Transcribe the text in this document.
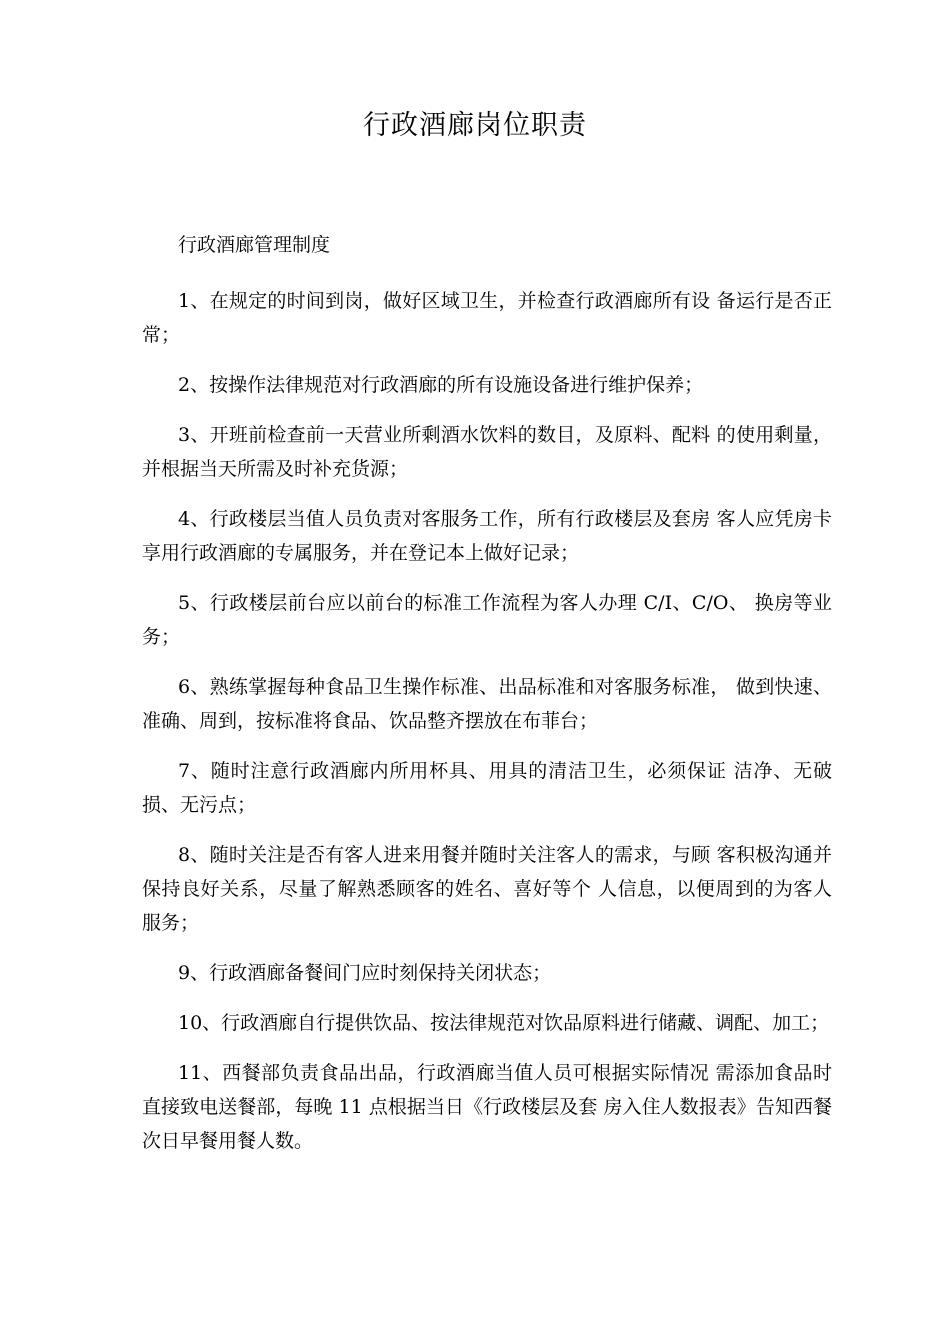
行政酒廊岗位职责

行政酒廊管理制度

1、在规定的时间到岗，做好区域卫生，并检查行政酒廊所有设 备运行是否正常；

2、按操作法律规范对行政酒廊的所有设施设备进行维护保养；

3、开班前检查前一天营业所剩酒水饮料的数目，及原料、配料 的使用剩量，并根据当天所需及时补充货源；

4、行政楼层当值人员负责对客服务工作，所有行政楼层及套房 客人应凭房卡享用行政酒廊的专属服务，并在登记本上做好记录；

5、行政楼层前台应以前台的标准工作流程为客人办理 C/I、C/O、 换房等业务；

6、熟练掌握每种食品卫生操作标准、出品标准和对客服务标准， 做到快速、准确、周到，按标准将食品、饮品整齐摆放在布菲台；

7、随时注意行政酒廊内所用杯具、用具的清洁卫生，必须保证 洁净、无破损、无污点；

8、随时关注是否有客人进来用餐并随时关注客人的需求，与顾 客积极沟通并保持良好关系，尽量了解熟悉顾客的姓名、喜好等个 人信息，以便周到的为客人服务；

9、行政酒廊备餐间门应时刻保持关闭状态；

10、行政酒廊自行提供饮品、按法律规范对饮品原料进行储藏、调配、加工；

11、西餐部负责食品出品，行政酒廊当值人员可根据实际情况 需添加食品时直接致电送餐部，每晚 11 点根据当日《行政楼层及套 房入住人数报表》告知西餐次日早餐用餐人数。
